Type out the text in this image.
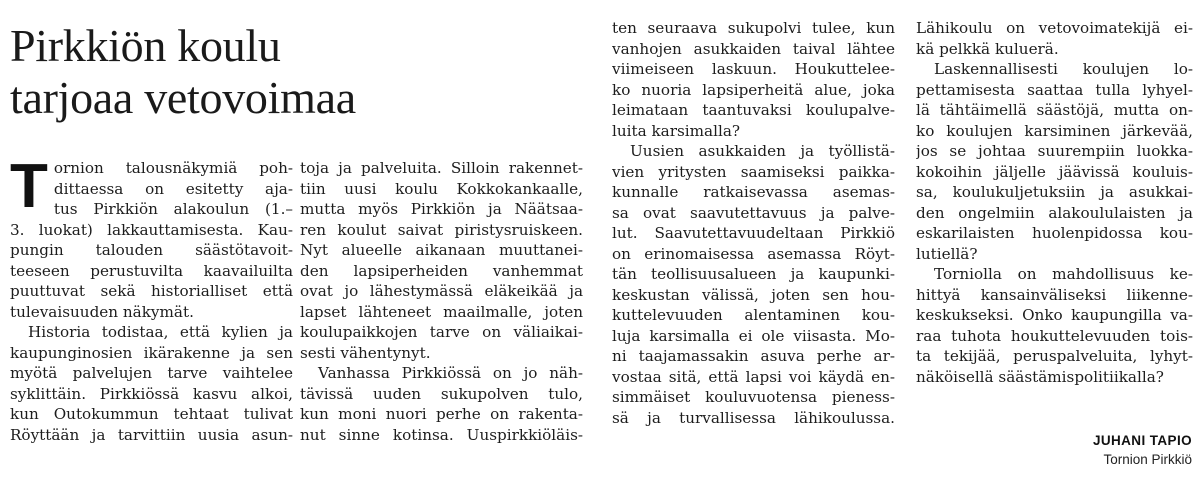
Pirkkiön koulu
tarjoaa vetovoimaa
T ornion talousnäkymiä poh-
dittaessa on esitetty aja-
tus Pirkkiön alakoulun (1.–
3. luokat) lakkauttamisesta. Kau-
pungin talouden säästötavoit-
teeseen perustuvilta kaavailuilta
puuttuvat sekä historialliset että
tulevaisuuden näkymät.
Historia todistaa, että kylien ja
kaupunginosien ikärakenne ja sen
myötä palvelujen tarve vaihtelee
syklittäin. Pirkkiössä kasvu alkoi,
kun Outokummun tehtaat tulivat
Röyttään ja tarvittiin uusia asun-
toja ja palveluita. Silloin rakennet-
tiin uusi koulu Kokkokankaalle,
mutta myös Pirkkiön ja Näätsaa-
ren koulut saivat piristysruiskeen.
Nyt alueelle aikanaan muuttanei-
den lapsiperheiden vanhemmat
ovat jo lähestymässä eläkeikää ja
lapset lähteneet maailmalle, joten
koulupaikkojen tarve on väliaikai-
sesti vähentynyt.
Vanhassa Pirkkiössä on jo näh-
tävissä uuden sukupolven tulo,
kun moni nuori perhe on rakenta-
nut sinne kotinsa. Uuspirkkiöläis-
ten seuraava sukupolvi tulee, kun
vanhojen asukkaiden taival lähtee
viimeiseen laskuun. Houkutteleе-
ko nuoria lapsiperheitä alue, joka
leimataan taantuvaksi koulupalve-
luita karsimalla?
Uusien asukkaiden ja työllistä-
vien yritysten saamiseksi paikka-
kunnalle ratkaisevassa asemas-
sa ovat saavutettavuus ja palve-
lut. Saavutettavuudeltaan Pirkkiö
on erinomaisessa asemassa Röyt-
tän teollisuusalueen ja kaupunki-
keskustan välissä, joten sen hou-
kuttelevuuden alentaminen kou-
luja karsimalla ei ole viisasta. Mo-
ni taajamassakin asuva perhe ar-
vostaa sitä, että lapsi voi käydä en-
simmäiset kouluvuotensa pieness-
sä ja turvallisessa lähikoulussa.
Lähikoulu on vetovoimatekijä ei-
kä pelkkä kuluerä.
Laskennallisesti koulujen lo-
pettamisesta saattaa tulla lyhyel-
lä tähtäimellä säästöjä, mutta on-
ko koulujen karsiminen järkevää,
jos se johtaa suurempiin luokka-
kokoihin jäljelle jäävissä kouluis-
sa, koulukuljetuksiin ja asukkai-
den ongelmiin alakoululaisten ja
eskarilaisten huolenpidossa kou-
lutiellä?
Torniolla on mahdollisuus ke-
hittyä kansainväliseksi liikenne-
keskukseksi. Onko kaupungilla va-
raa tuhota houkuttelevuuden tois-
ta tekijää, peruspalveluita, lyhyt-
näköisellä säästämispolitiikalla?
JUHANI TAPIO
Tornion Pirkkiö
